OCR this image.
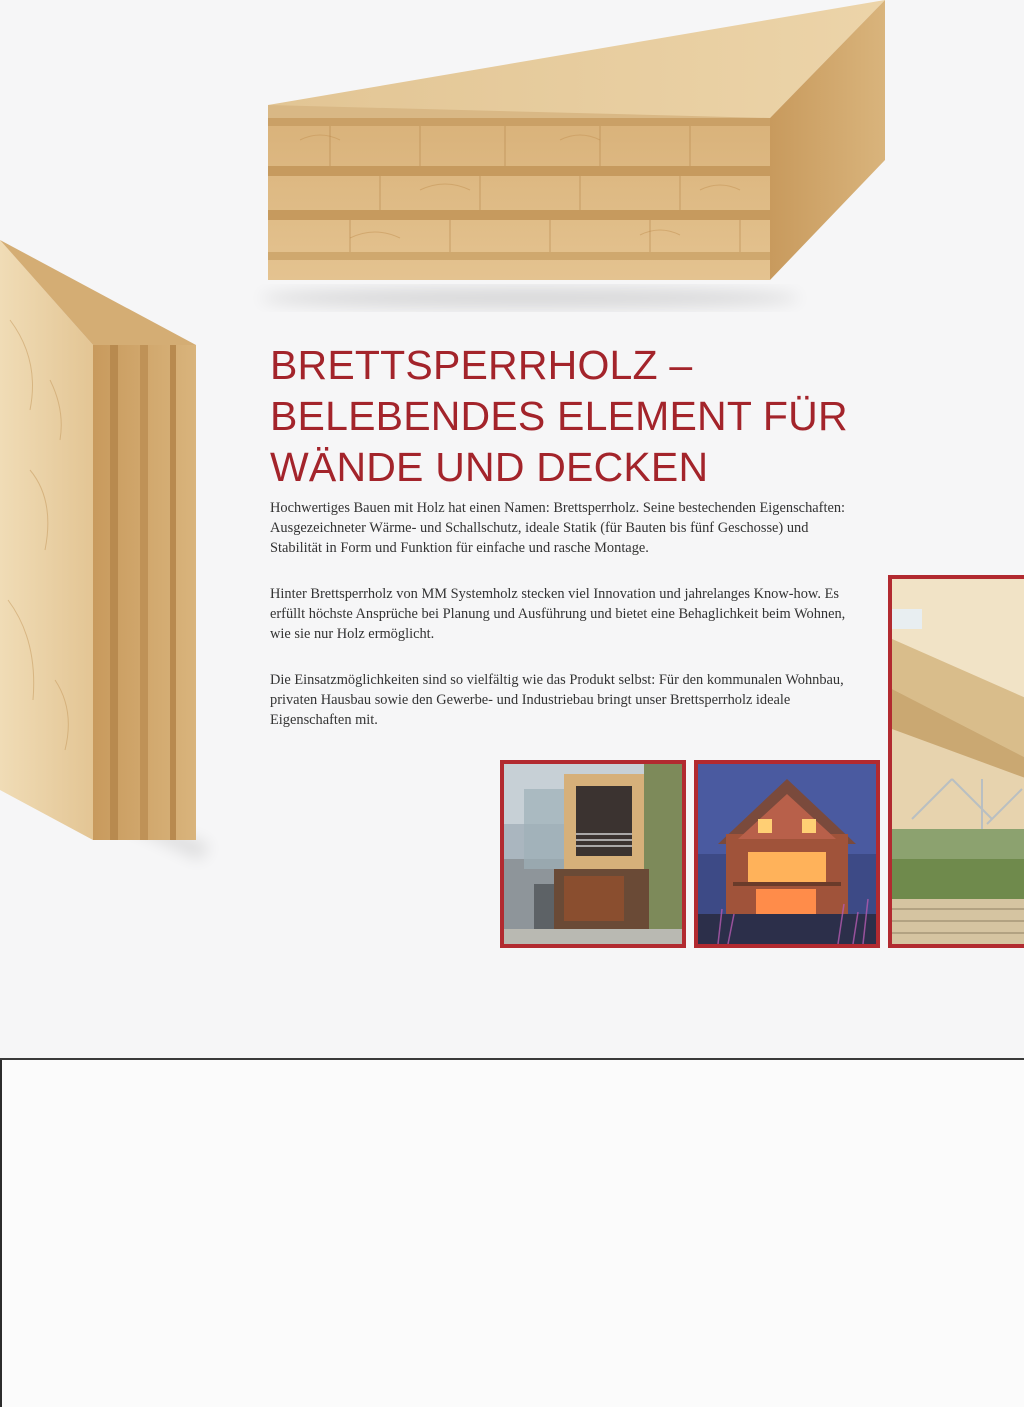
BRETTSPERRHOLZ –
BELEBENDES ELEMENT FÜR
WÄNDE UND DECKEN

Hochwertiges Bauen mit Holz hat einen Namen: Brettsperrholz. Seine bestechenden Eigenschaften: Ausgezeichneter Wärme- und Schallschutz, ideale Statik (für Bauten bis fünf Geschosse) und Stabilität in Form und Funktion für einfache und rasche Montage.

Hinter Brettsperrholz von MM Systemholz stecken viel Innovation und jahrelanges Know-how. Es erfüllt höchste Ansprüche bei Planung und Ausführung und bietet eine Behaglichkeit beim Wohnen, wie sie nur Holz ermöglicht.

Die Einsatzmöglichkeiten sind so vielfältig wie das Produkt selbst: Für den kommunalen Wohnbau, privaten Hausbau sowie den Gewerbe- und Industriebau bringt unser Brettsperrholz ideale Eigenschaften mit.
